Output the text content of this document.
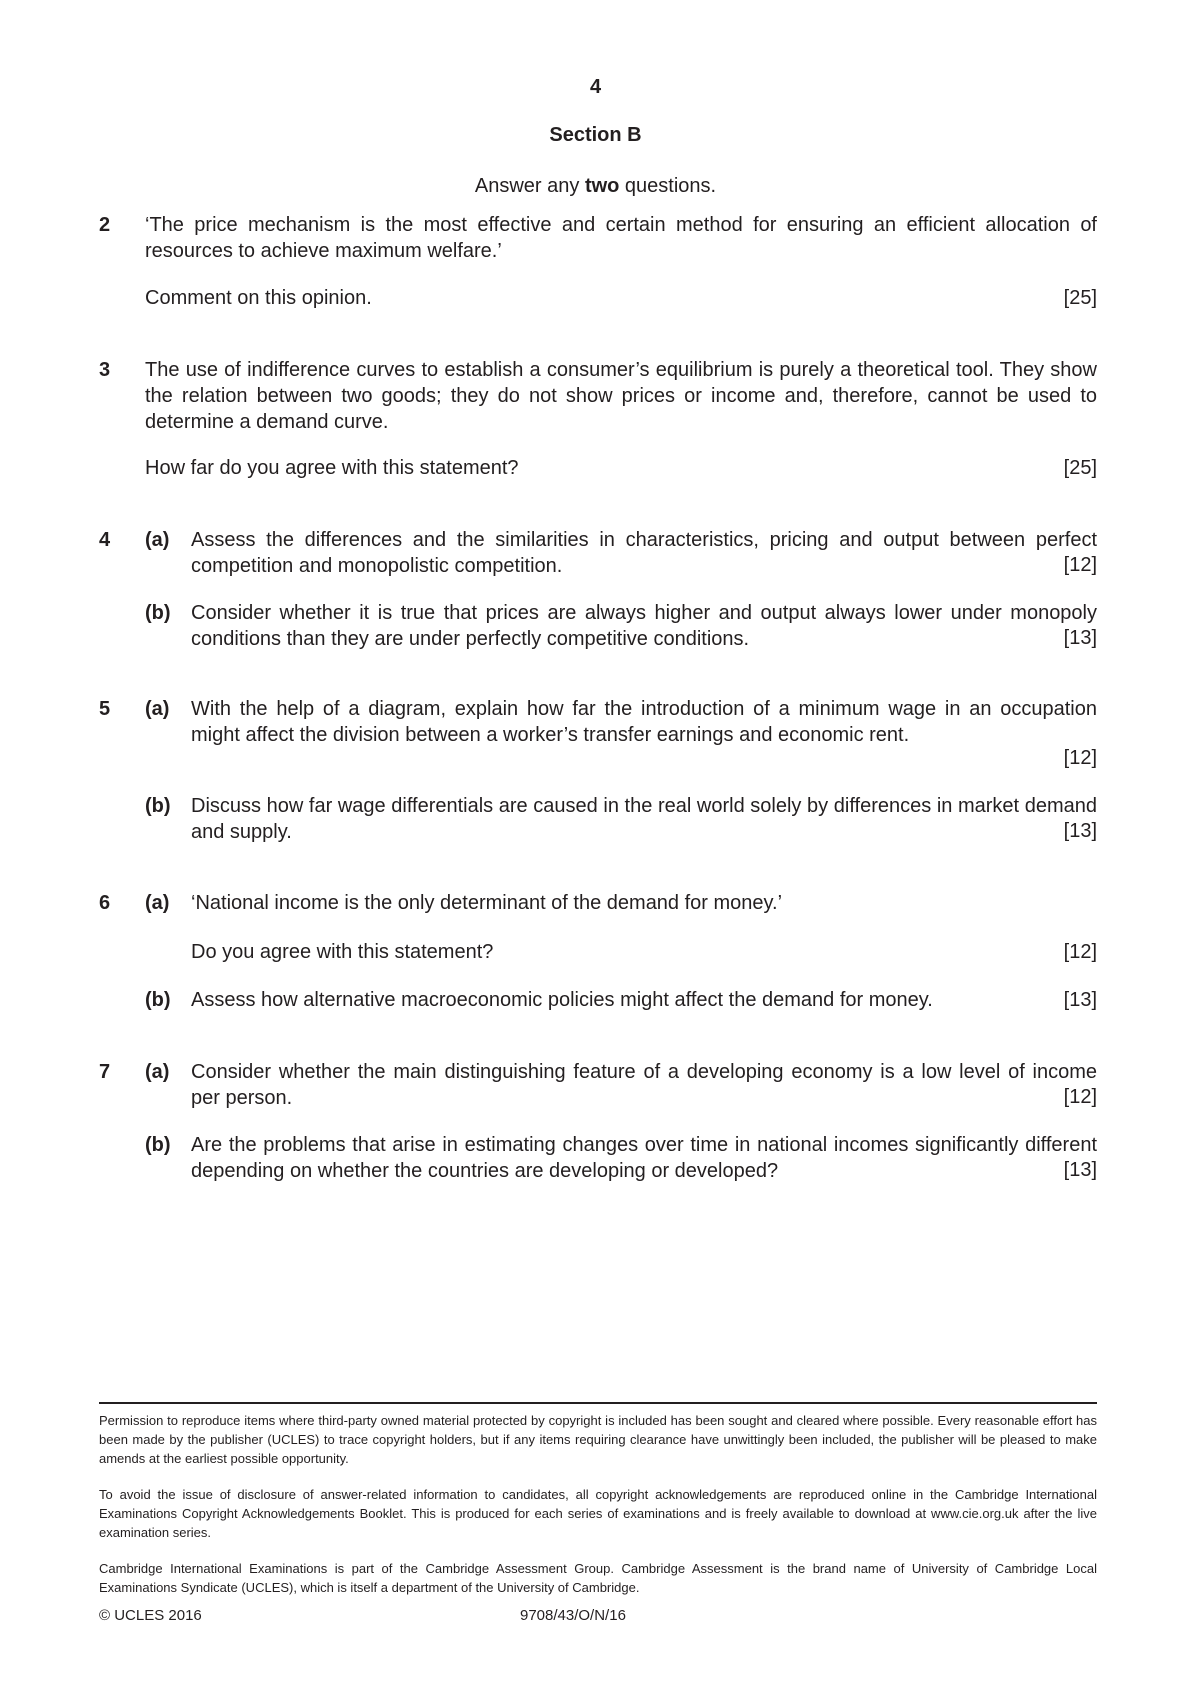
4
Section B
Answer any two questions.
2 ‘The price mechanism is the most effective and certain method for ensuring an efficient allocation of resources to achieve maximum welfare.’
Comment on this opinion.	[25]
3 The use of indifference curves to establish a consumer’s equilibrium is purely a theoretical tool. They show the relation between two goods; they do not show prices or income and, therefore, cannot be used to determine a demand curve.
How far do you agree with this statement?	[25]
4 (a) Assess the differences and the similarities in characteristics, pricing and output between perfect competition and monopolistic competition.	[12]
(b) Consider whether it is true that prices are always higher and output always lower under monopoly conditions than they are under perfectly competitive conditions.	[13]
5 (a) With the help of a diagram, explain how far the introduction of a minimum wage in an occupation might affect the division between a worker’s transfer earnings and economic rent.
[12]
(b) Discuss how far wage differentials are caused in the real world solely by differences in market demand and supply.	[13]
6 (a) ‘National income is the only determinant of the demand for money.’
Do you agree with this statement?	[12]
(b) Assess how alternative macroeconomic policies might affect the demand for money.	[13]
7 (a) Consider whether the main distinguishing feature of a developing economy is a low level of income per person.	[12]
(b) Are the problems that arise in estimating changes over time in national incomes significantly different depending on whether the countries are developing or developed?	[13]
Permission to reproduce items where third-party owned material protected by copyright is included has been sought and cleared where possible. Every reasonable effort has been made by the publisher (UCLES) to trace copyright holders, but if any items requiring clearance have unwittingly been included, the publisher will be pleased to make amends at the earliest possible opportunity.
To avoid the issue of disclosure of answer-related information to candidates, all copyright acknowledgements are reproduced online in the Cambridge International Examinations Copyright Acknowledgements Booklet. This is produced for each series of examinations and is freely available to download at www.cie.org.uk after the live examination series.
Cambridge International Examinations is part of the Cambridge Assessment Group. Cambridge Assessment is the brand name of University of Cambridge Local Examinations Syndicate (UCLES), which is itself a department of the University of Cambridge.
© UCLES 2016	9708/43/O/N/16
